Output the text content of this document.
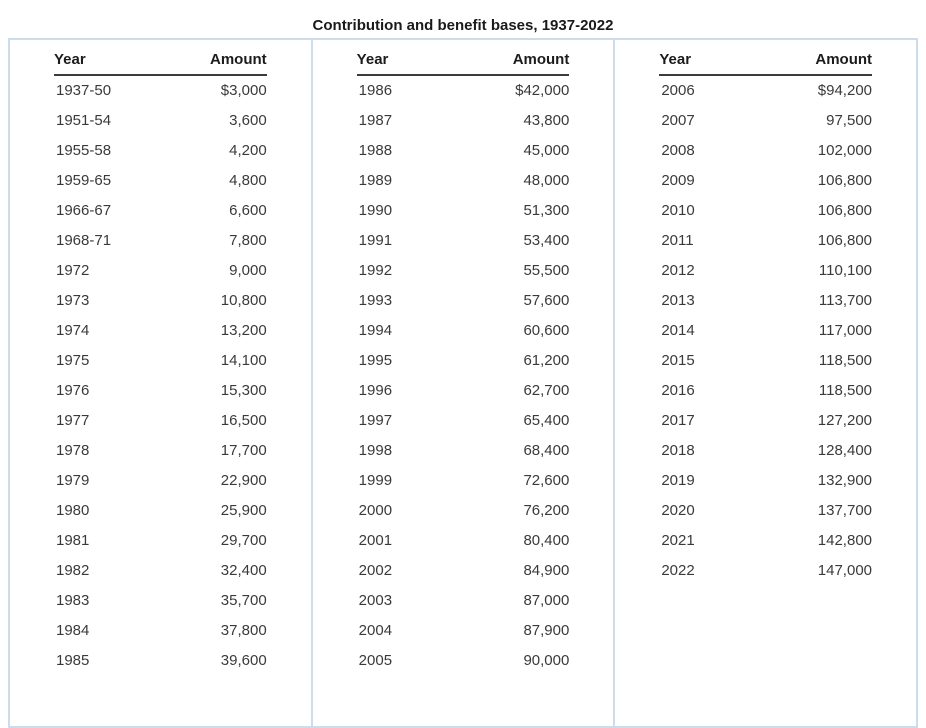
Contribution and benefit bases, 1937-2022
Year	Amount
1937-50	$3,000
1951-54	3,600
1955-58	4,200
1959-65	4,800
1966-67	6,600
1968-71	7,800
1972	9,000
1973	10,800
1974	13,200
1975	14,100
1976	15,300
1977	16,500
1978	17,700
1979	22,900
1980	25,900
1981	29,700
1982	32,400
1983	35,700
1984	37,800
1985	39,600
Year	Amount
1986	$42,000
1987	43,800
1988	45,000
1989	48,000
1990	51,300
1991	53,400
1992	55,500
1993	57,600
1994	60,600
1995	61,200
1996	62,700
1997	65,400
1998	68,400
1999	72,600
2000	76,200
2001	80,400
2002	84,900
2003	87,000
2004	87,900
2005	90,000
Year	Amount
2006	$94,200
2007	97,500
2008	102,000
2009	106,800
2010	106,800
2011	106,800
2012	110,100
2013	113,700
2014	117,000
2015	118,500
2016	118,500
2017	127,200
2018	128,400
2019	132,900
2020	137,700
2021	142,800
2022	147,000
